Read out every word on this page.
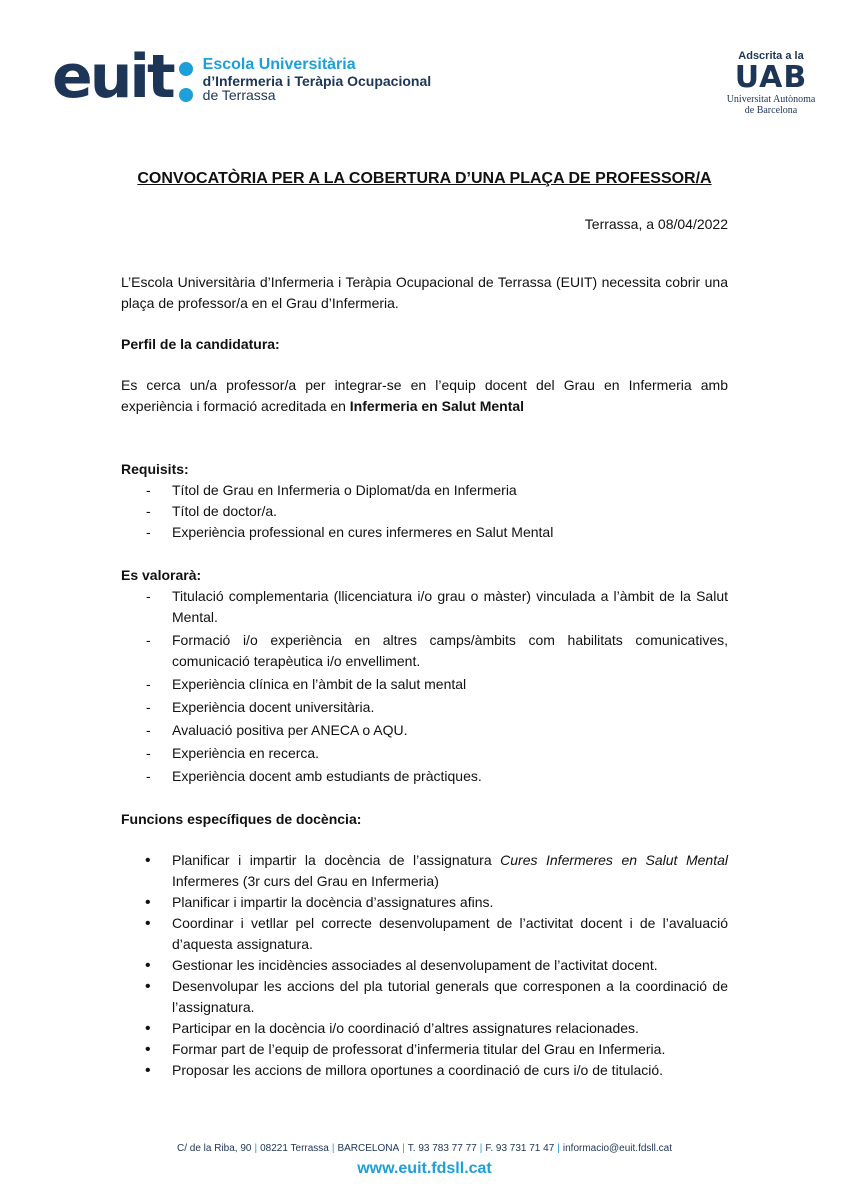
euit Escola Universitària
d’Infermeria i Teràpia Ocupacional
de Terrassa
Adscrita a la
UAB
Universitat Autònoma
de Barcelona
CONVOCATÒRIA PER A LA COBERTURA D’UNA PLAÇA DE PROFESSOR/A
Terrassa, a 08/04/2022

L’Escola Universitària d’Infermeria i Teràpia Ocupacional de Terrassa (EUIT) necessita cobrir una plaça de professor/a en el Grau d’Infermeria.

Perfil de la candidatura:

Es cerca un/a professor/a per integrar-se en l’equip docent del Grau en Infermeria amb experiència i formació acreditada en Infermeria en Salut Mental

Requisits:

- Títol de Grau en Infermeria o Diplomat/da en Infermeria
- Títol de doctor/a.
- Experiència professional en cures infermeres en Salut Mental

Es valorarà:

- Titulació complementaria (llicenciatura i/o grau o màster) vinculada a l’àmbit de la Salut Mental.
- Formació i/o experiència en altres camps/àmbits com habilitats comunicatives, comunicació terapèutica i/o envelliment.
- Experiència clínica en l’àmbit de la salut mental
- Experiència docent universitària.
- Avaluació positiva per ANECA o AQU.
- Experiència en recerca.
- Experiència docent amb estudiants de pràctiques.

Funcions específiques de docència:

• Planificar i impartir la docència de l’assignatura Cures Infermeres en Salut Mental Infermeres (3r curs del Grau en Infermeria)
• Planificar i impartir la docència d’assignatures afins.
• Coordinar i vetllar pel correcte desenvolupament de l’activitat docent i de l’avaluació d’aquesta assignatura.
• Gestionar les incidències associades al desenvolupament de l’activitat docent.
• Desenvolupar les accions del pla tutorial generals que corresponen a la coordinació de l’assignatura.
• Participar en la docència i/o coordinació d’altres assignatures relacionades.
• Formar part de l’equip de professorat d’infermeria titular del Grau en Infermeria.
• Proposar les accions de millora oportunes a coordinació de curs i/o de titulació.
C/ de la Riba, 90 | 08221 Terrassa | BARCELONA | T. 93 783 77 77 | F. 93 731 71 47 | informacio@euit.fdsll.cat
www.euit.fdsll.cat
